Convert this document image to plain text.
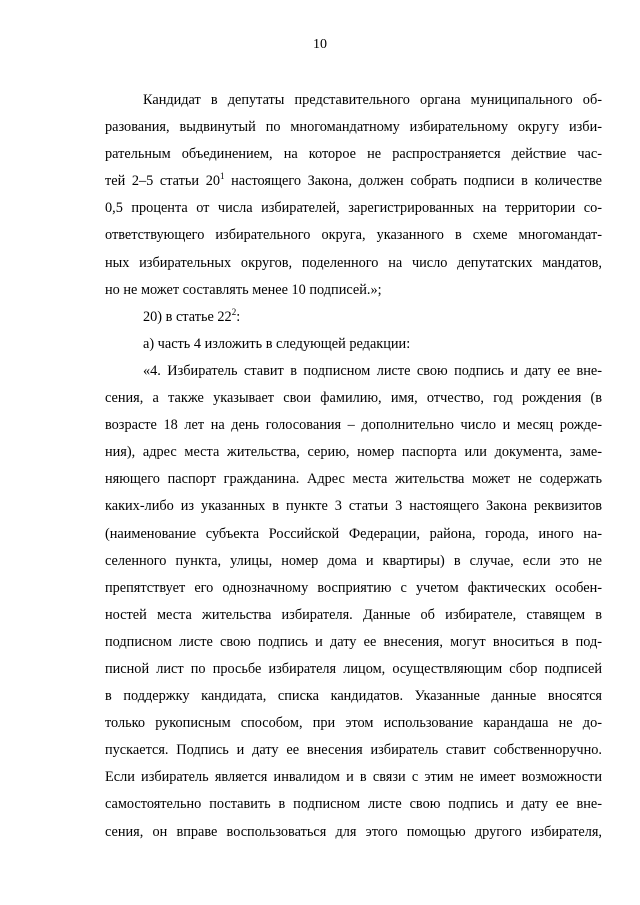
10
Кандидат в депутаты представительного органа муниципального об-
разования, выдвинутый по многомандатному избирательному округу изби-
рательным объединением, на которое не распространяется действие час-
тей 2–5 статьи $20^1$ настоящего Закона, должен собрать подписи в количестве
0,5 процента от числа избирателей, зарегистрированных на территории со-
ответствующего избирательного округа, указанного в схеме многомандат-
ных избирательных округов, поделенного на число депутатских мандатов,
но не может составлять менее 10 подписей.»;
20) в статье $22^2$:
а) часть 4 изложить в следующей редакции:
«4. Избиратель ставит в подписном листе свою подпись и дату ее вне-
сения, а также указывает свои фамилию, имя, отчество, год рождения (в
возрасте 18 лет на день голосования – дополнительно число и месяц рожде-
ния), адрес места жительства, серию, номер паспорта или документа, заме-
няющего паспорт гражданина. Адрес места жительства может не содержать
каких-либо из указанных в пункте 3 статьи 3 настоящего Закона реквизитов
(наименование субъекта Российской Федерации, района, города, иного на-
селенного пункта, улицы, номер дома и квартиры) в случае, если это не
препятствует его однозначному восприятию с учетом фактических особен-
ностей места жительства избирателя. Данные об избирателе, ставящем в
подписном листе свою подпись и дату ее внесения, могут вноситься в под-
писной лист по просьбе избирателя лицом, осуществляющим сбор подписей
в поддержку кандидата, списка кандидатов. Указанные данные вносятся
только рукописным способом, при этом использование карандаша не до-
пускается. Подпись и дату ее внесения избиратель ставит собственноручно.
Если избиратель является инвалидом и в связи с этим не имеет возможности
самостоятельно поставить в подписном листе свою подпись и дату ее вне-
сения, он вправе воспользоваться для этого помощью другого избирателя,
